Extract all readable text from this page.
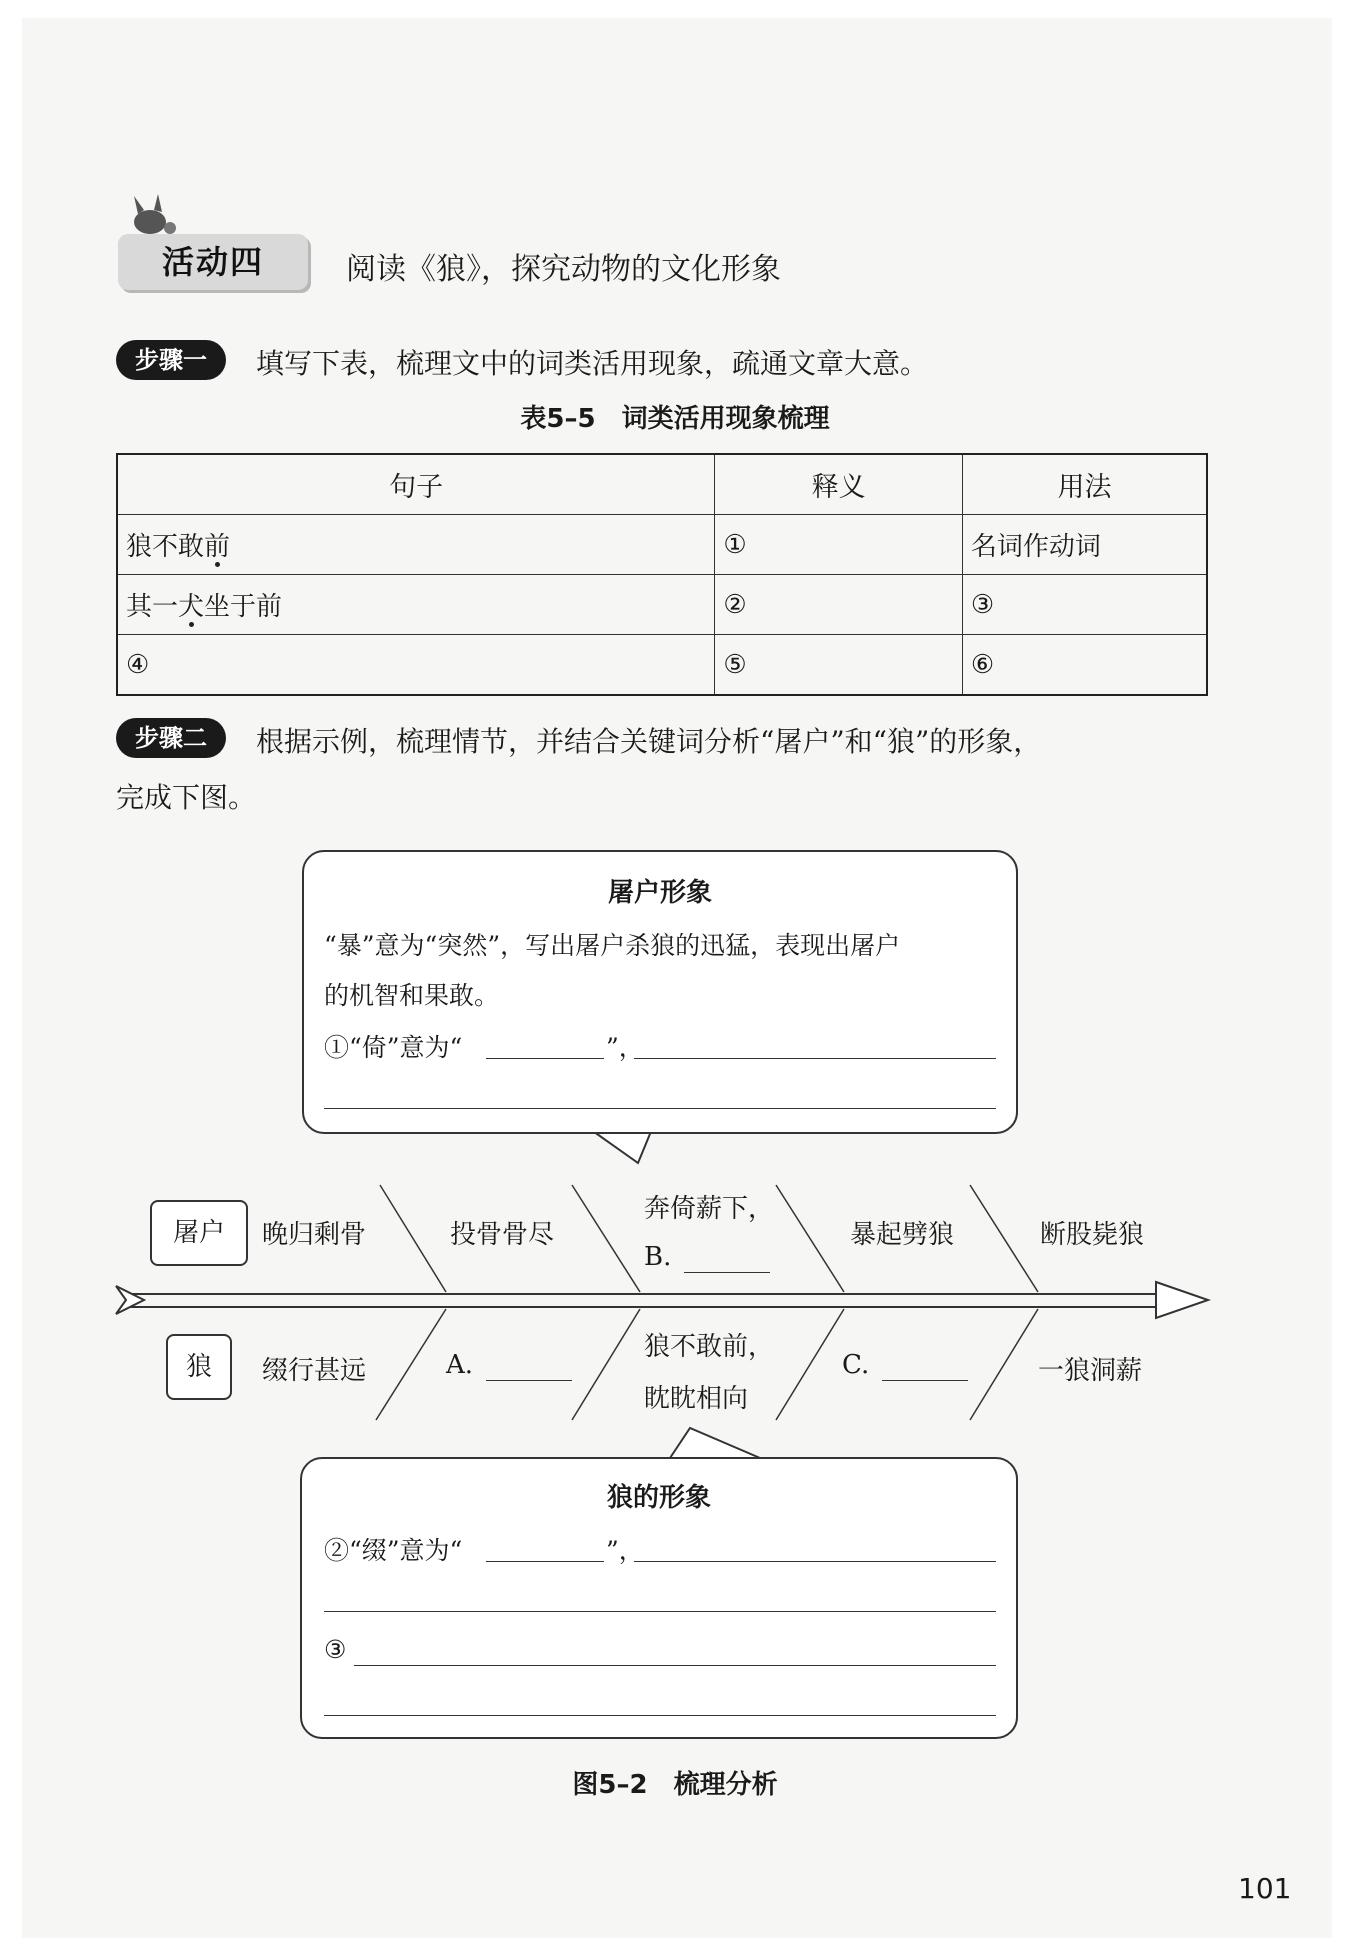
活动四	阅读《狼》，探究动物的文化形象
步骤一	填写下表，梳理文中的词类活用现象，疏通文章大意。
表5–5　词类活用现象梳理
句子	释义	用法
狼不敢前	①	名词作动词
其一犬坐于前	②	③
④	⑤	⑥
步骤二	根据示例，梳理情节，并结合关键词分析“屠户”和“狼”的形象，
完成下图。
屠户形象
“暴”意为“突然”，写出屠户杀狼的迅猛，表现出屠户
的机智和果敢。
①“倚”意为“	”，
屠户
狼
晚归剩骨	投骨骨尽
奔倚薪下，
B.
暴起劈狼	断股毙狼
缀行甚远	A.
狼不敢前，
眈眈相向
C.	一狼洞薪
狼的形象
②“缀”意为“	”，
③
图5–2　梳理分析
101
